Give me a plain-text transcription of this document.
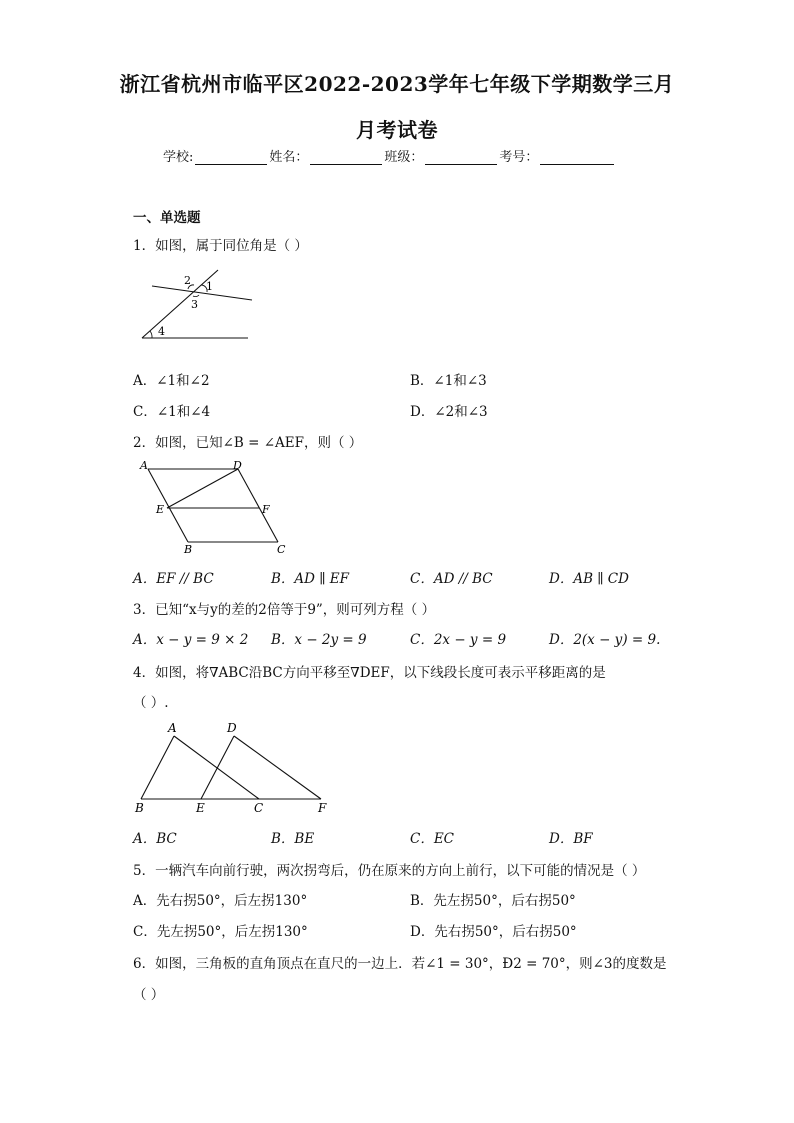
浙江省杭州市临平区2022-2023学年七年级下学期数学三月
月考试卷
学校:	姓名：	班级：	考号：
一、单选题
1．如图，属于同位角是（ ）
2 1
3
4
A．∠1和∠2	B．∠1和∠3
C．∠1和∠4	D．∠2和∠3
2．如图，已知∠B = ∠AEF，则（ ）
A	D
E	F
B	C
A．EF // BC	B．AD ∥ EF	C．AD // BC	D．AB ∥ CD
3．已知“x与y的差的2倍等于9”，则可列方程（ ）
A．x − y = 9 × 2 B．x − 2y = 9	C．2x − y = 9	D．2(x − y) = 9.
4．如图，将∇ABC沿BC方向平移至∇DEF，以下线段长度可表示平移距离的是
（ ）.
A	D
B	E	C	F
A．BC	B．BE	C．EC	D．BF
5．一辆汽车向前行驶，两次拐弯后，仍在原来的方向上前行，以下可能的情况是（ ）
A．先右拐50°，后左拐130°	B．先左拐50°，后右拐50°
C．先左拐50°，后左拐130°	D．先右拐50°，后右拐50°
6．如图，三角板的直角顶点在直尺的一边上．若∠1 = 30°，Ð2 = 70°，则∠3的度数是
（ ）
